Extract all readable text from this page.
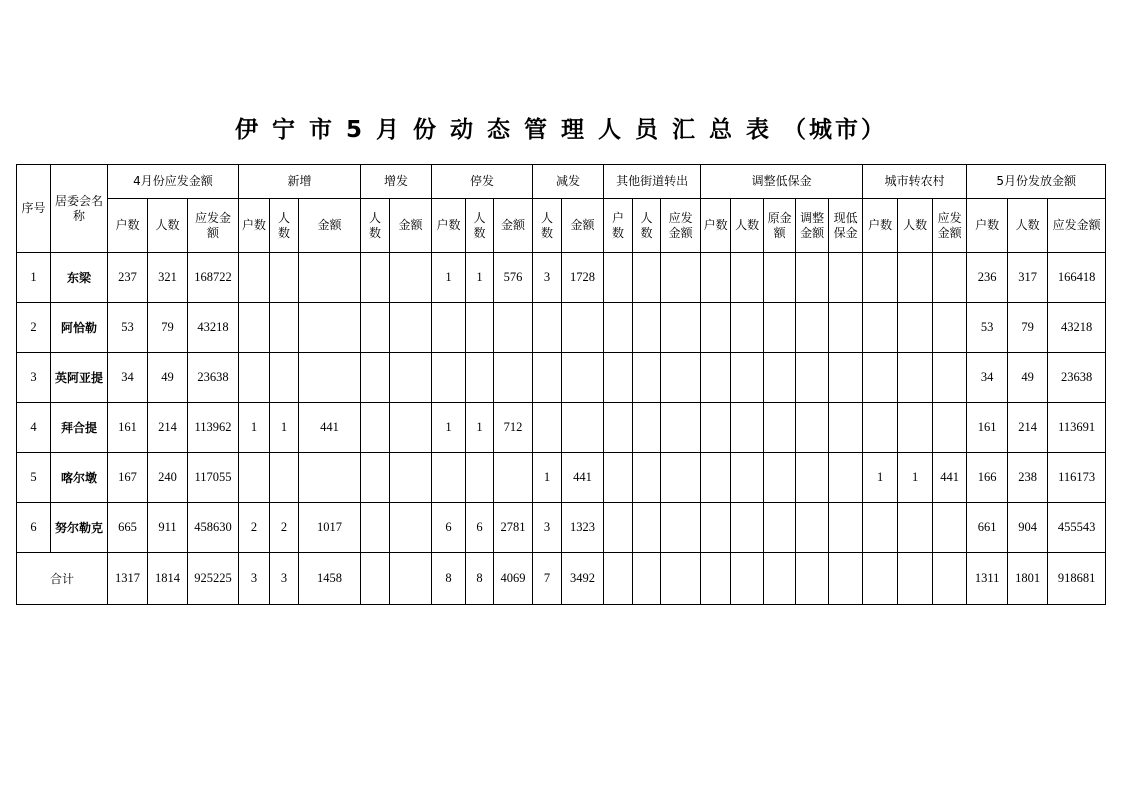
伊 宁 市 5 月 份 动 态 管 理 人 员 汇 总 表 （城市）
序号	居委会名称	4月份应发金额			新增			增发		停发			减发		其他街道转出			调整低保金					城市转农村			5月份发放金额		
		户数	人数	应发金额	户数	人数	金额	人数	金额	户数	人数	金额	人数	金额	户数	人数	应发金额	户数	人数	原金额	调整金额	现低保金	户数	人数	应发金额	户数	人数	应发金额
1	东梁	237	321	168722						1	1	576	3	1728												236	317	166418
2	阿恰勒	53	79	43218																						53	79	43218
3	英阿亚提	34	49	23638																						34	49	23638
4	拜合提	161	214	113962	1	1	441			1	1	712														161	214	113691
5	喀尔墩	167	240	117055									1	441									1	1	441	166	238	116173
6	努尔勒克	665	911	458630	2	2	1017			6	6	2781	3	1323												661	904	455543
合计		1317	1814	925225	3	3	1458			8	8	4069	7	3492												1311	1801	918681
